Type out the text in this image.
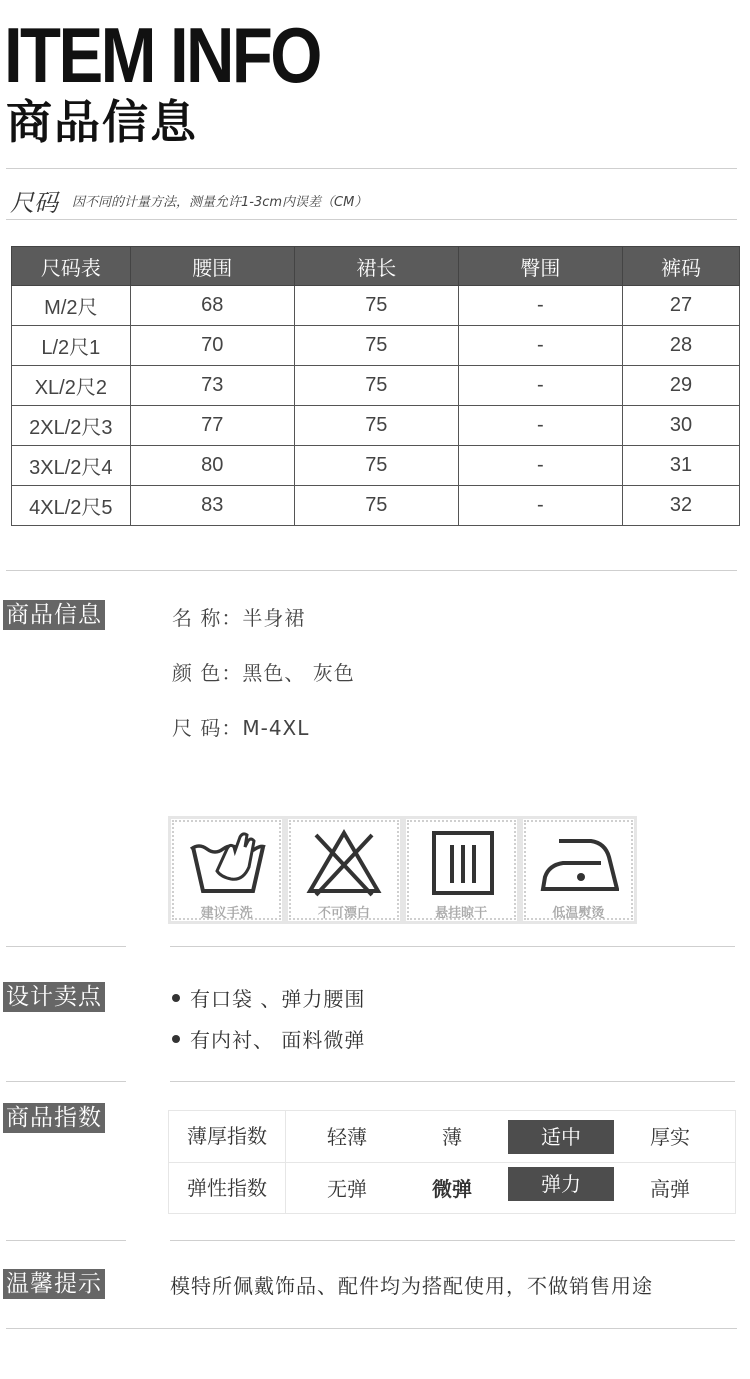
ITEM INFO
商品信息
尺码 因不同的计量方法，测量允许1-3cm内误差（CM）
尺码表	腰围	裙长	臀围	裤码
M/2尺	68	75	-	27
L/2尺1	70	75	-	28
XL/2尺2	73	75	-	29
2XL/2尺3	77	75	-	30
3XL/2尺4	80	75	-	31
4XL/2尺5	83	75	-	32
商品信息	名 称：半身裙
颜 色：黑色、 灰色
尺 码：M-4XL
建议手洗	不可漂白	悬挂晾干	低温熨烫
设计卖点	有口袋 、弹力腰围
有内衬、 面料微弹
商品指数
薄厚指数	轻薄	薄	适中	厚实
弹性指数	无弹	微弹	弹力	高弹
温馨提示	模特所佩戴饰品、配件均为搭配使用，不做销售用途
